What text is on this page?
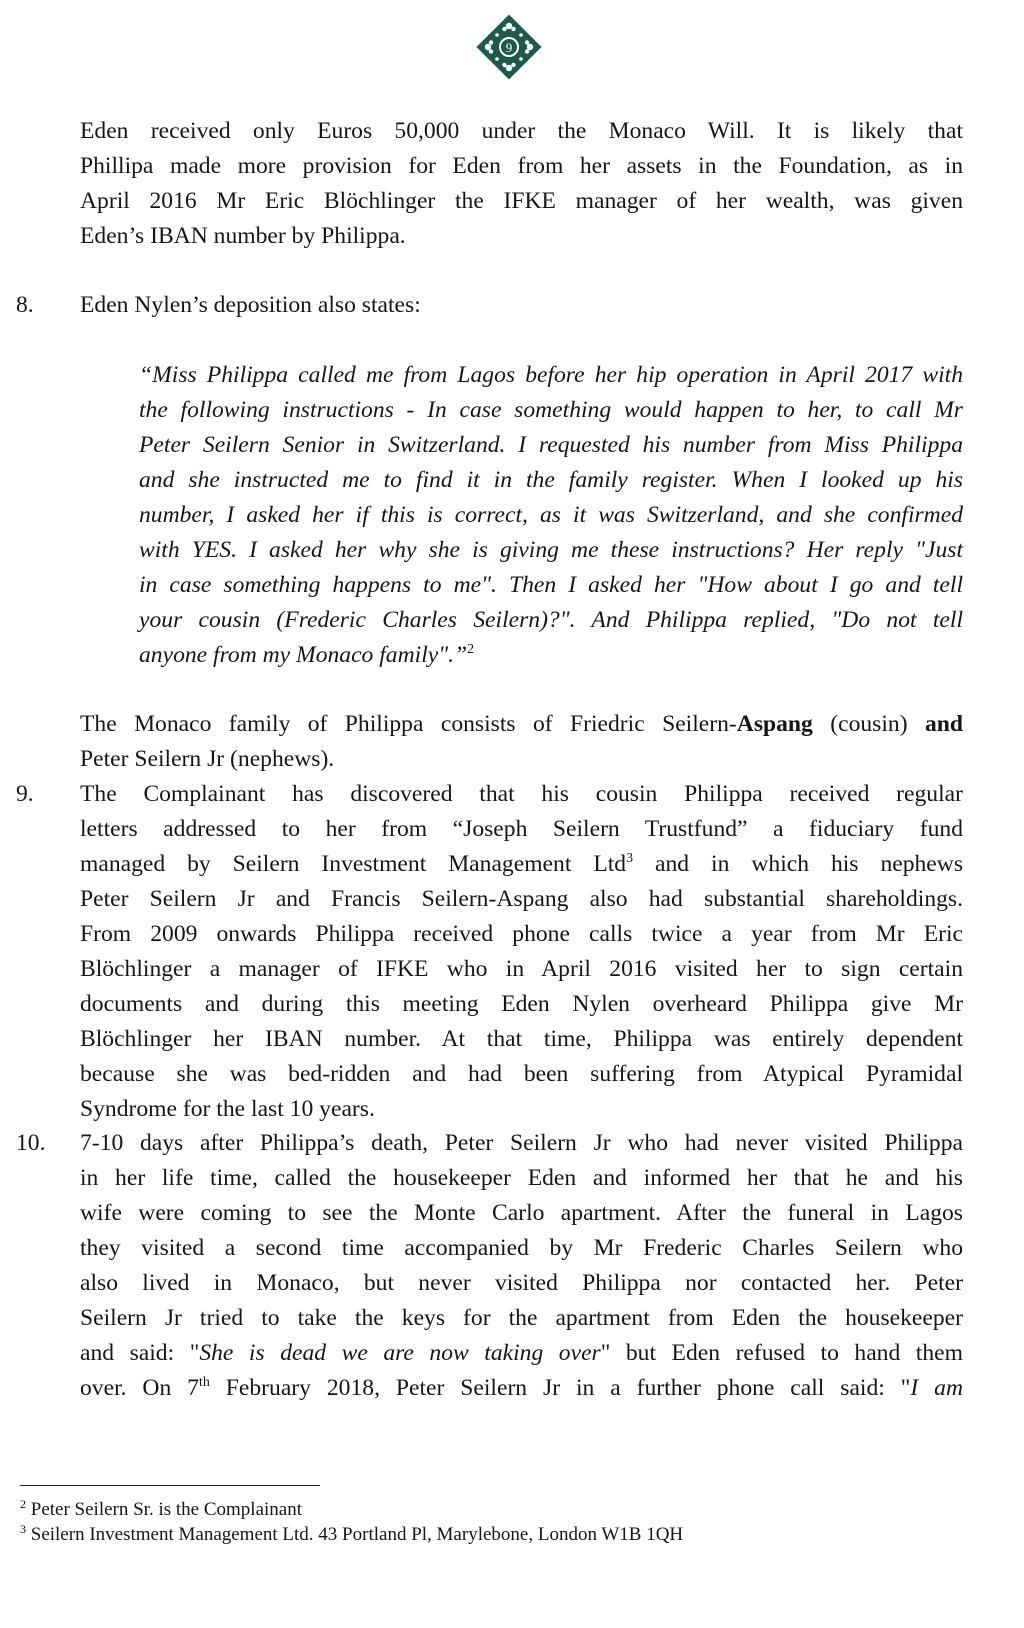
9

Eden received only Euros 50,000 under the Monaco Will. It is likely that

Phillipa made more provision for Eden from her assets in the Foundation, as in

April 2016 Mr Eric Blöchlinger the IFKE manager of her wealth, was given

Eden’s IBAN number by Philippa.

8. Eden Nylen’s deposition also states:

“Miss Philippa called me from Lagos before her hip operation in April 2017 with

the following instructions - In case something would happen to her, to call Mr

Peter Seilern Senior in Switzerland. I requested his number from Miss Philippa

and she instructed me to find it in the family register. When I looked up his

number, I asked her if this is correct, as it was Switzerland, and she confirmed

with YES. I asked her why she is giving me these instructions? Her reply "Just

in case something happens to me". Then I asked her "How about I go and tell

your cousin (Frederic Charles Seilern)?". And Philippa replied, "Do not tell

anyone from my Monaco family".”$^2$

The Monaco family of Philippa consists of Friedric Seilern-Aspang (cousin) and

Peter Seilern Jr (nephews).

9. The Complainant has discovered that his cousin Philippa received regular

letters addressed to her from “Joseph Seilern Trustfund” a fiduciary fund

managed by Seilern Investment Management Ltd$^3$ and in which his nephews

Peter Seilern Jr and Francis Seilern-Aspang also had substantial shareholdings.

From 2009 onwards Philippa received phone calls twice a year from Mr Eric

Blöchlinger a manager of IFKE who in April 2016 visited her to sign certain

documents and during this meeting Eden Nylen overheard Philippa give Mr

Blöchlinger her IBAN number. At that time, Philippa was entirely dependent

because she was bed-ridden and had been suffering from Atypical Pyramidal

Syndrome for the last 10 years.

10. 7-10 days after Philippa’s death, Peter Seilern Jr who had never visited Philippa

in her life time, called the housekeeper Eden and informed her that he and his

wife were coming to see the Monte Carlo apartment. After the funeral in Lagos

they visited a second time accompanied by Mr Frederic Charles Seilern who

also lived in Monaco, but never visited Philippa nor contacted her. Peter

Seilern Jr tried to take the keys for the apartment from Eden the housekeeper

and said: "She is dead we are now taking over" but Eden refused to hand them

over. On 7th February 2018, Peter Seilern Jr in a further phone call said: "I am

$^2$ Peter Seilern Sr. is the Complainant
$^3$ Seilern Investment Management Ltd. 43 Portland Pl, Marylebone, London W1B 1QH
